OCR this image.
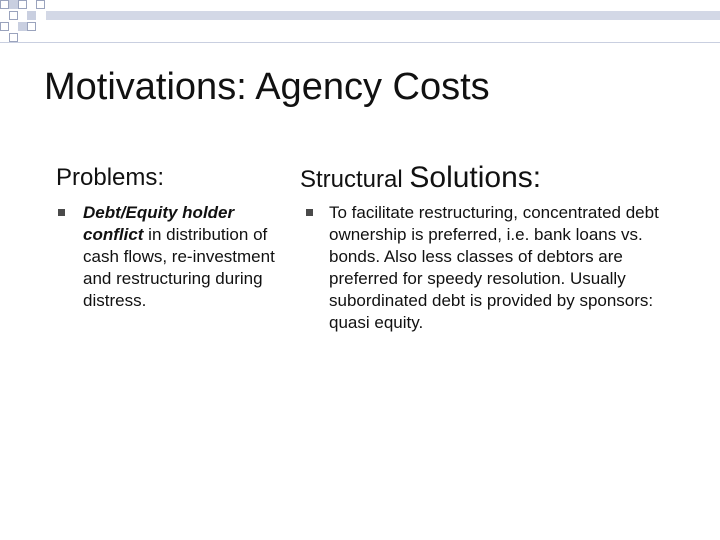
Motivations: Agency Costs
Problems:
Debt/Equity holder conflict in distribution of cash flows, re-investment and restructuring during distress.
Structural Solutions:
To facilitate restructuring, concentrated debt ownership is preferred, i.e. bank loans vs. bonds. Also less classes of debtors are preferred for speedy resolution. Usually subordinated debt is provided by sponsors: quasi equity.
